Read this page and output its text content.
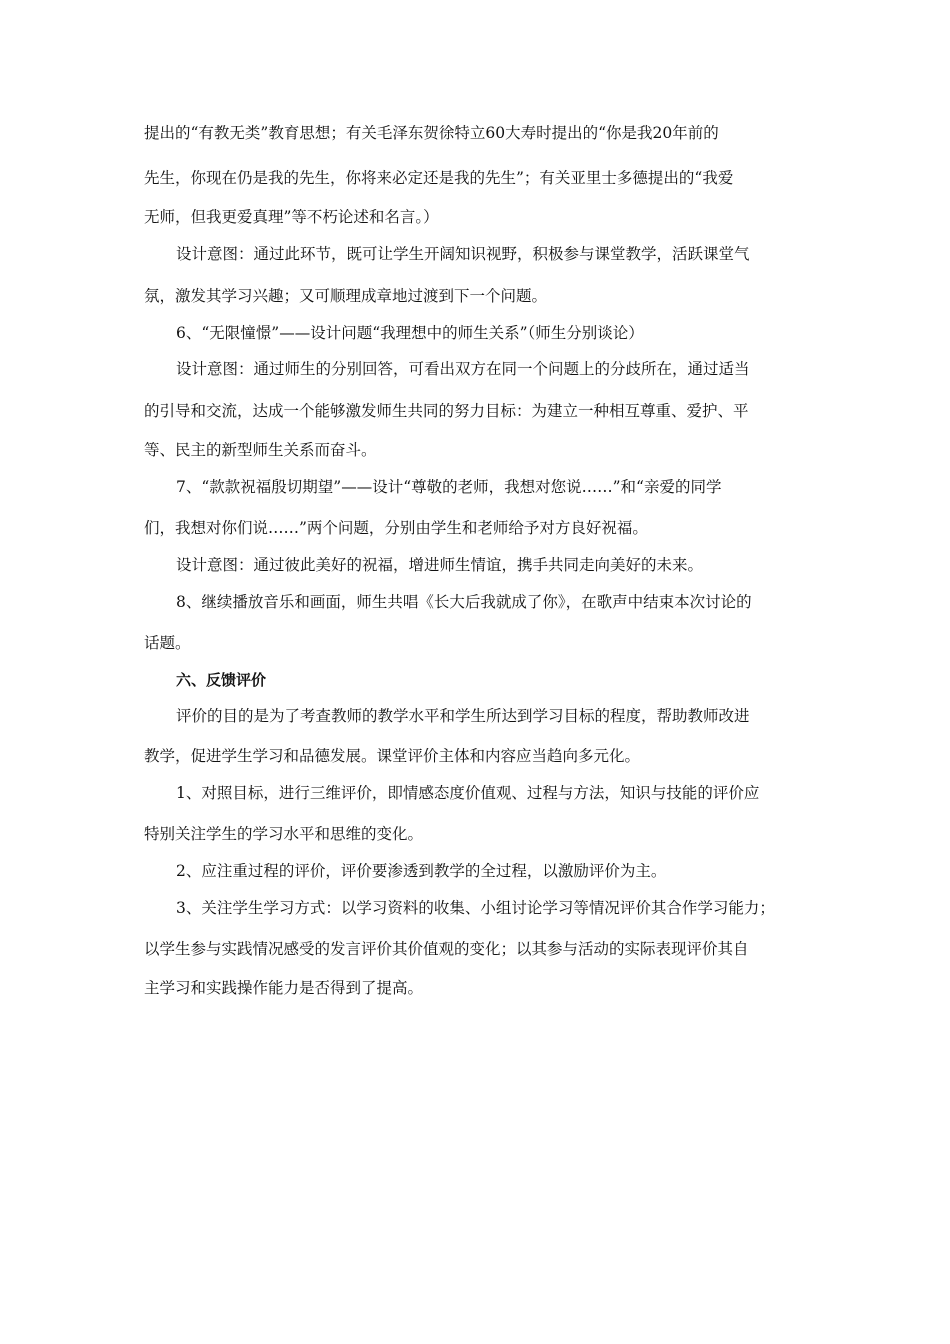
提出的“有教无类”教育思想；有关毛泽东贺徐特立60大寿时提出的“你是我20年前的
先生，你现在仍是我的先生，你将来必定还是我的先生”；有关亚里士多德提出的“我爱
无师，但我更爱真理”等不朽论述和名言。）
设计意图：通过此环节，既可让学生开阔知识视野，积极参与课堂教学，活跃课堂气
氛，激发其学习兴趣；又可顺理成章地过渡到下一个问题。
6、“无限憧憬”——设计问题“我理想中的师生关系”（师生分别谈论）
设计意图：通过师生的分别回答，可看出双方在同一个问题上的分歧所在，通过适当
的引导和交流，达成一个能够激发师生共同的努力目标：为建立一种相互尊重、爱护、平
等、民主的新型师生关系而奋斗。
7、“款款祝福殷切期望”——设计“尊敬的老师，我想对您说……”和“亲爱的同学
们，我想对你们说……”两个问题，分别由学生和老师给予对方良好祝福。
设计意图：通过彼此美好的祝福，增进师生情谊，携手共同走向美好的未来。
8、继续播放音乐和画面，师生共唱《长大后我就成了你》，在歌声中结束本次讨论的
话题。
六、反馈评价
评价的目的是为了考查教师的教学水平和学生所达到学习目标的程度，帮助教师改进
教学，促进学生学习和品德发展。课堂评价主体和内容应当趋向多元化。
1、对照目标，进行三维评价，即情感态度价值观、过程与方法，知识与技能的评价应
特别关注学生的学习水平和思维的变化。
2、应注重过程的评价，评价要渗透到教学的全过程，以激励评价为主。
3、关注学生学习方式：以学习资料的收集、小组讨论学习等情况评价其合作学习能力；
以学生参与实践情况感受的发言评价其价值观的变化；以其参与活动的实际表现评价其自
主学习和实践操作能力是否得到了提高。
